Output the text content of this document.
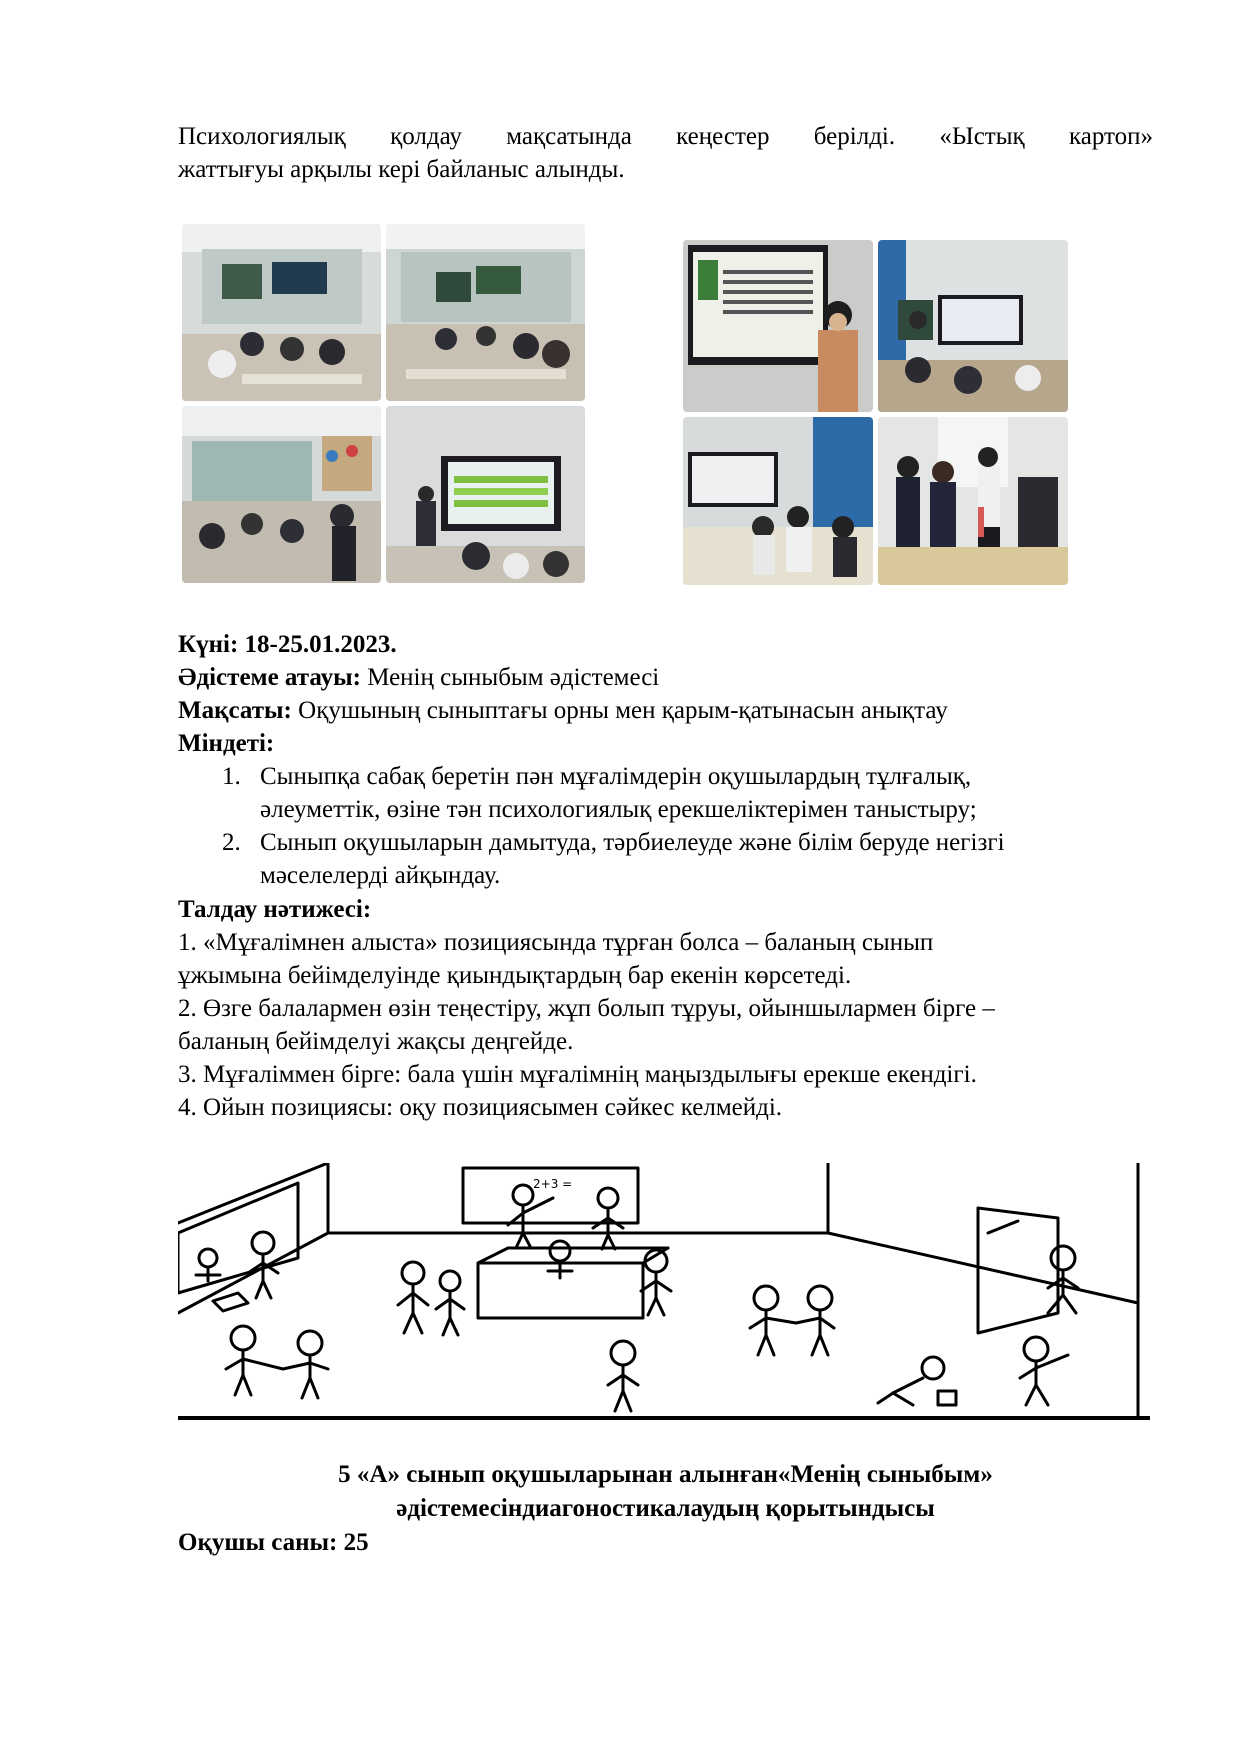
Психологиялық қолдау мақсатында кеңестер берілді. «Ыстық картоп»
жаттығуы арқылы кері байланыс алынды.
Күні: 18-25.01.2023.
Әдістеме атауы: Менің сыныбым әдістемесі
Мақсаты: Оқушының сыныптағы орны мен қарым-қатынасын анықтау
Міндеті:
1. Сыныпқа сабақ беретін пән мұғалімдерін оқушылардың тұлғалық,
әлеуметтік, өзіне тән психологиялық ерекшеліктерімен таныстыру;
2. Сынып оқушыларын дамытуда, тәрбиелеуде және білім беруде негізгі
мәселелерді айқындау.
Талдау нәтижесі:
1. «Мұғалімнен алыста» позициясында тұрған болса – баланың сынып
ұжымына бейімделуінде қиындықтардың бар екенін көрсетеді.
2. Өзге балалармен өзін теңестіру, жұп болып тұруы, ойыншылармен бірге –
баланың бейімделуі жақсы деңгейде.
3. Мұғаліммен бірге: бала үшін мұғалімнің маңыздылығы ерекше екендігі.
4. Ойын позициясы: оқу позициясымен сәйкес келмейді.
2+3 =
5 «А» сынып оқушыларынан алынған«Менің сыныбым»
әдістемесіндиагоностикалаудың қорытындысы
Оқушы саны: 25
